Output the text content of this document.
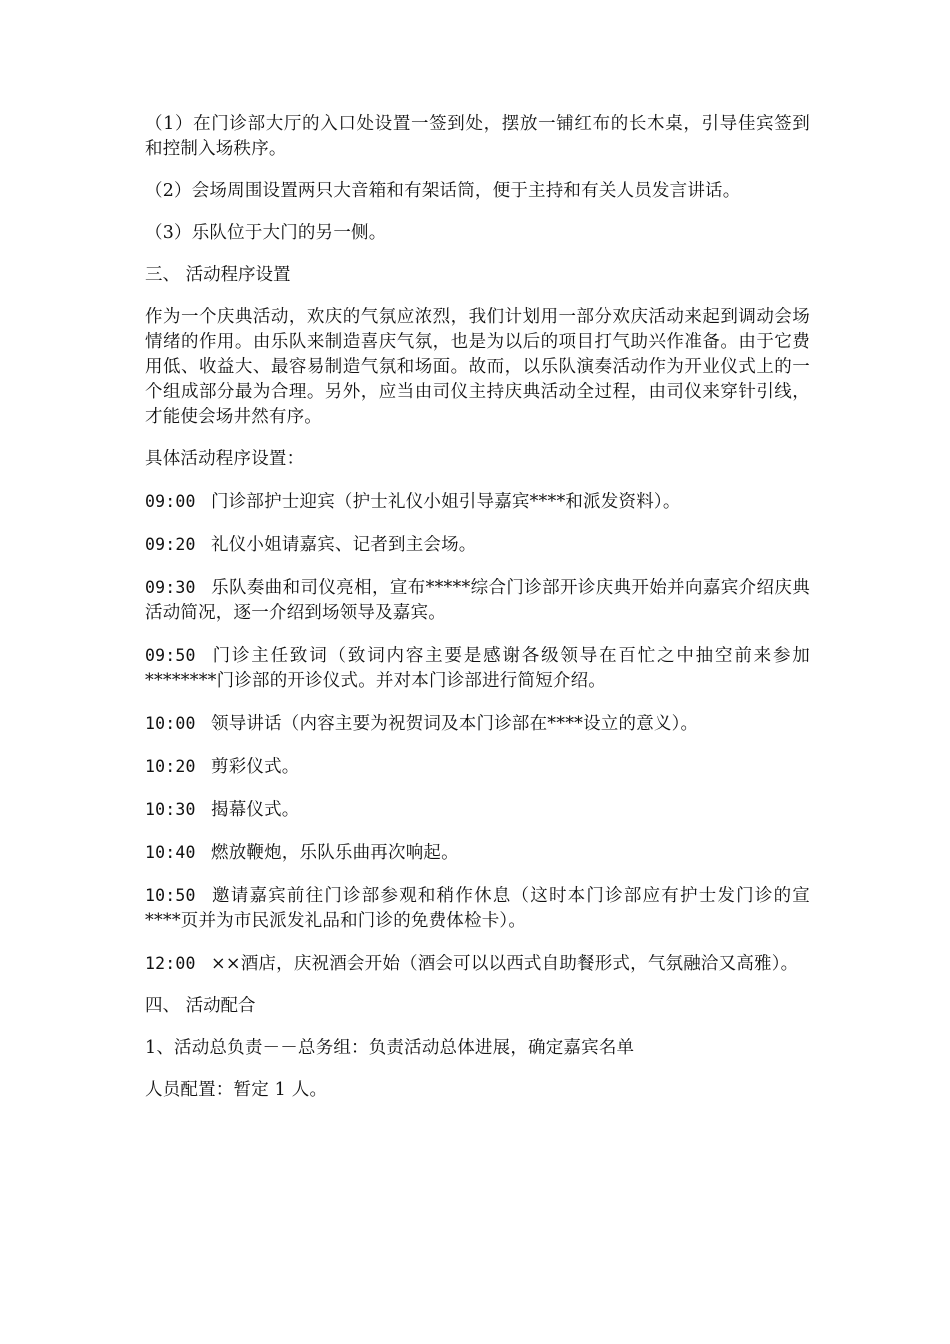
（1）在门诊部大厅的入口处设置一签到处，摆放一铺红布的长木桌，引导佳宾签到和控制入场秩序。

（2）会场周围设置两只大音箱和有架话筒，便于主持和有关人员发言讲话。

（3）乐队位于大门的另一侧。

三、 活动程序设置

作为一个庆典活动，欢庆的气氛应浓烈，我们计划用一部分欢庆活动来起到调动会场情绪的作用。由乐队来制造喜庆气氛，也是为以后的项目打气助兴作准备。由于它费用低、收益大、最容易制造气氛和场面。故而，以乐队演奏活动作为开业仪式上的一个组成部分最为合理。另外，应当由司仪主持庆典活动全过程，由司仪来穿针引线，才能使会场井然有序。

具体活动程序设置：

09:00 门诊部护士迎宾（护士礼仪小姐引导嘉宾****和派发资料）。

09:20 礼仪小姐请嘉宾、记者到主会场。

09:30 乐队奏曲和司仪亮相，宣布*****综合门诊部开诊庆典开始并向嘉宾介绍庆典活动简况，逐一介绍到场领导及嘉宾。

09:50 门诊主任致词（致词内容主要是感谢各级领导在百忙之中抽空前来参加********门诊部的开诊仪式。并对本门诊部进行简短介绍。

10:00 领导讲话（内容主要为祝贺词及本门诊部在****设立的意义）。

10:20 剪彩仪式。

10:30 揭幕仪式。

10:40 燃放鞭炮，乐队乐曲再次响起。

10:50 邀请嘉宾前往门诊部参观和稍作休息（这时本门诊部应有护士发门诊的宣****页并为市民派发礼品和门诊的免费体检卡）。

12:00 ××酒店，庆祝酒会开始（酒会可以以西式自助餐形式，气氛融洽又高雅）。

四、 活动配合

1、活动总负责－－总务组：负责活动总体进展，确定嘉宾名单

人员配置：暂定 1 人。
